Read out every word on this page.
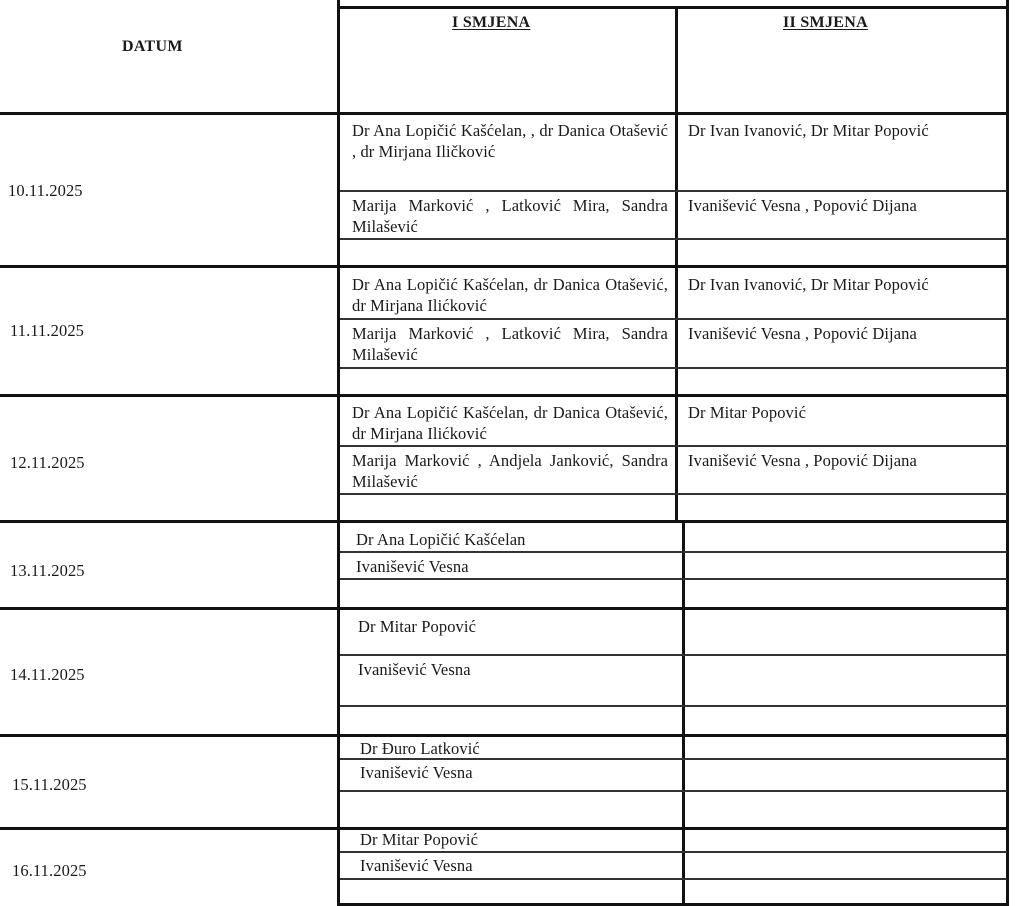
DATUM
I SMJENA	II SMJENA
10.11.2025
Dr Ana Lopičić Kašćelan, , dr Danica Otašević , dr Mirjana Iličković
Marija Marković , Latković Mira, Sandra Milašević
Dr Ivan Ivanović, Dr Mitar Popović
Ivanišević Vesna , Popović Dijana
11.11.2025
Dr Ana Lopičić Kašćelan, dr Danica Otašević, dr Mirjana Ilićković
Marija Marković , Latković Mira, Sandra Milašević
Dr Ivan Ivanović, Dr Mitar Popović
Ivanišević Vesna , Popović Dijana
12.11.2025
Dr Ana Lopičić Kašćelan, dr Danica Otašević, dr Mirjana Ilićković
Marija Marković , Andjela Janković, Sandra Milašević
Dr Mitar Popović
Ivanišević Vesna , Popović Dijana
13.11.2025
Dr Ana Lopičić Kašćelan
Ivanišević Vesna
14.11.2025
Dr Mitar Popović
Ivanišević Vesna
15.11.2025
Dr Đuro Latković
Ivanišević Vesna
16.11.2025
Dr Mitar Popović
Ivanišević Vesna
